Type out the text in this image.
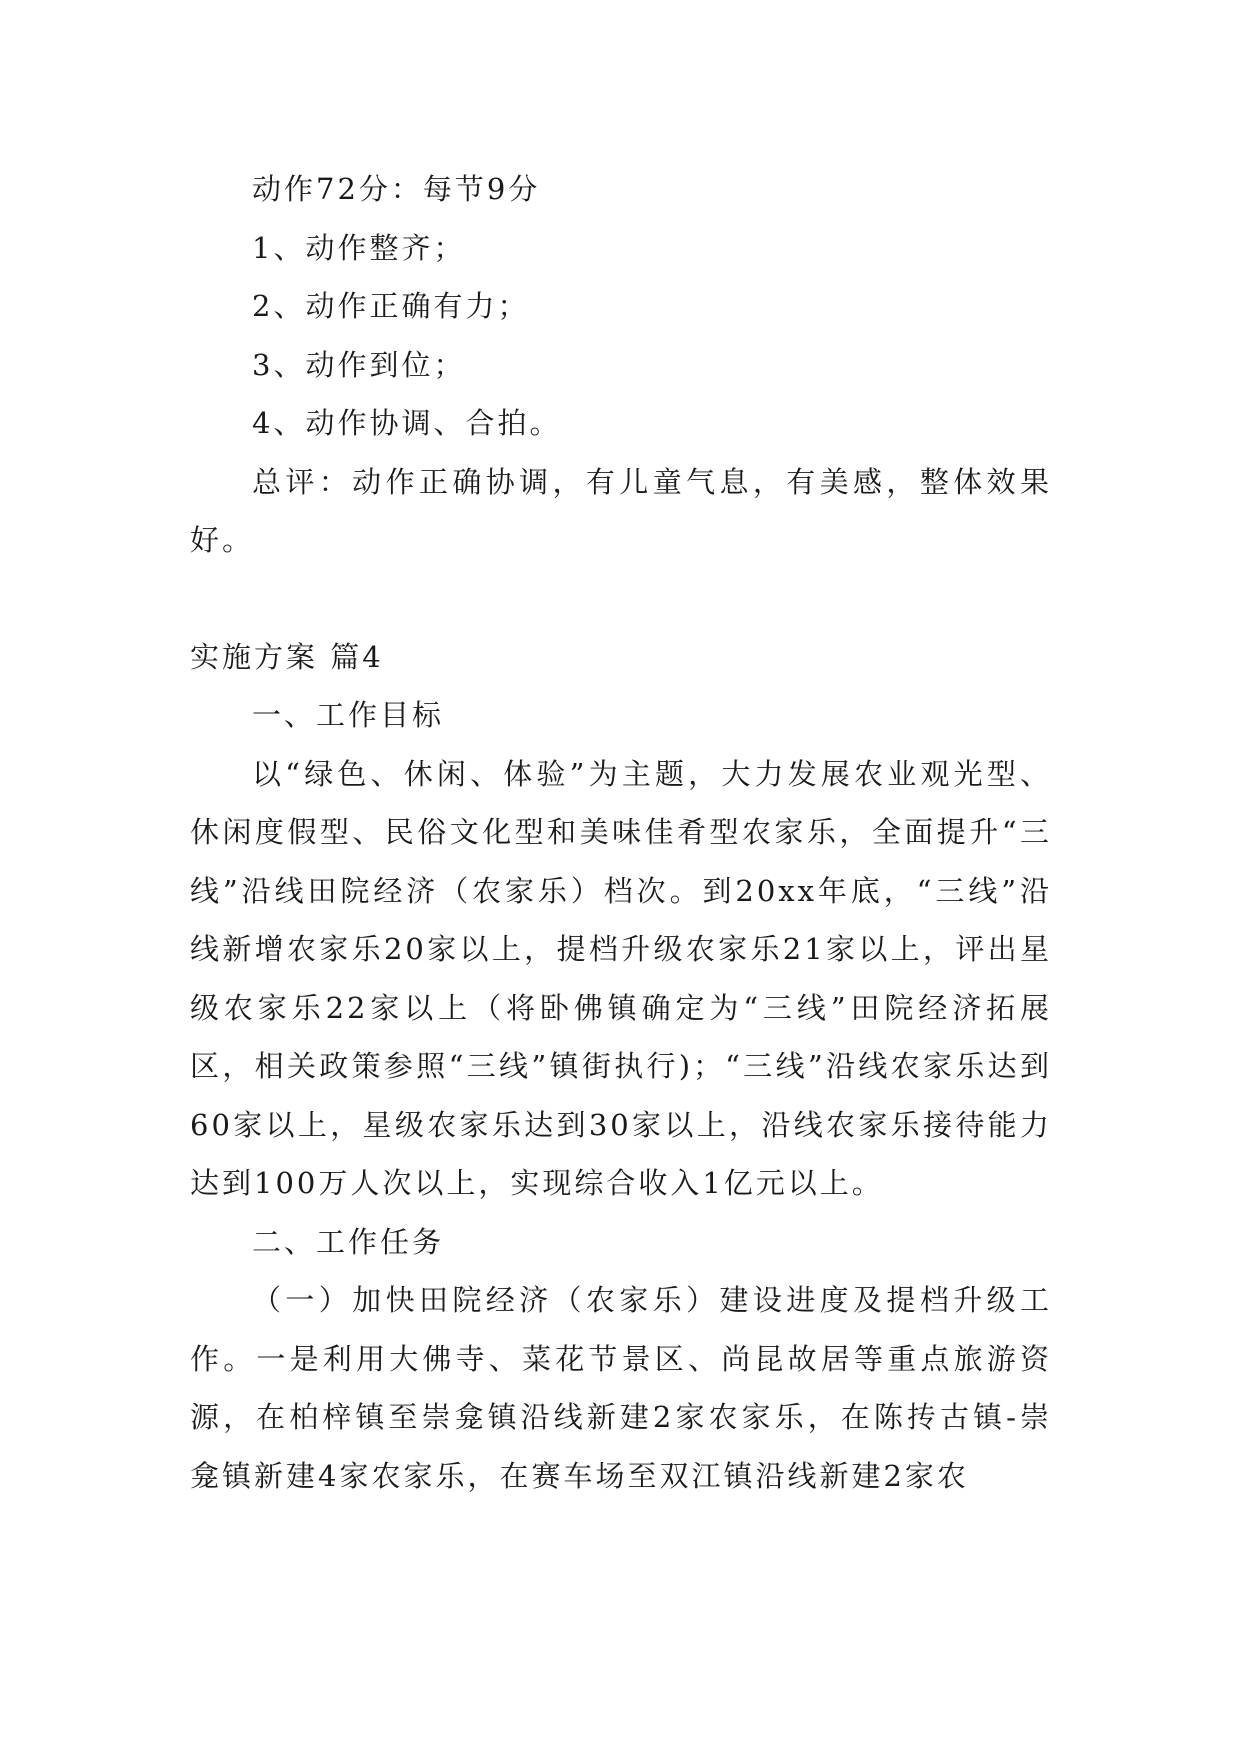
动作72分：每节9分

1、动作整齐；

2、动作正确有力；

3、动作到位；

4、动作协调、合拍。

总评：动作正确协调，有儿童气息，有美感，整体效果好。

实施方案 篇4

一、工作目标

以“绿色、休闲、体验”为主题，大力发展农业观光型、休闲度假型、民俗文化型和美味佳肴型农家乐，全面提升“三线”沿线田院经济（农家乐）档次。到20xx年底，“三线”沿线新增农家乐20家以上，提档升级农家乐21家以上，评出星级农家乐22家以上（将卧佛镇确定为“三线”田院经济拓展区，相关政策参照“三线”镇街执行)；“三线”沿线农家乐达到60家以上，星级农家乐达到30家以上，沿线农家乐接待能力达到100万人次以上，实现综合收入1亿元以上。

二、工作任务

（一）加快田院经济（农家乐）建设进度及提档升级工作。一是利用大佛寺、菜花节景区、尚昆故居等重点旅游资源，在柏梓镇至崇龛镇沿线新建2家农家乐，在陈抟古镇-崇龛镇新建4家农家乐，在赛车场至双江镇沿线新建2家农
